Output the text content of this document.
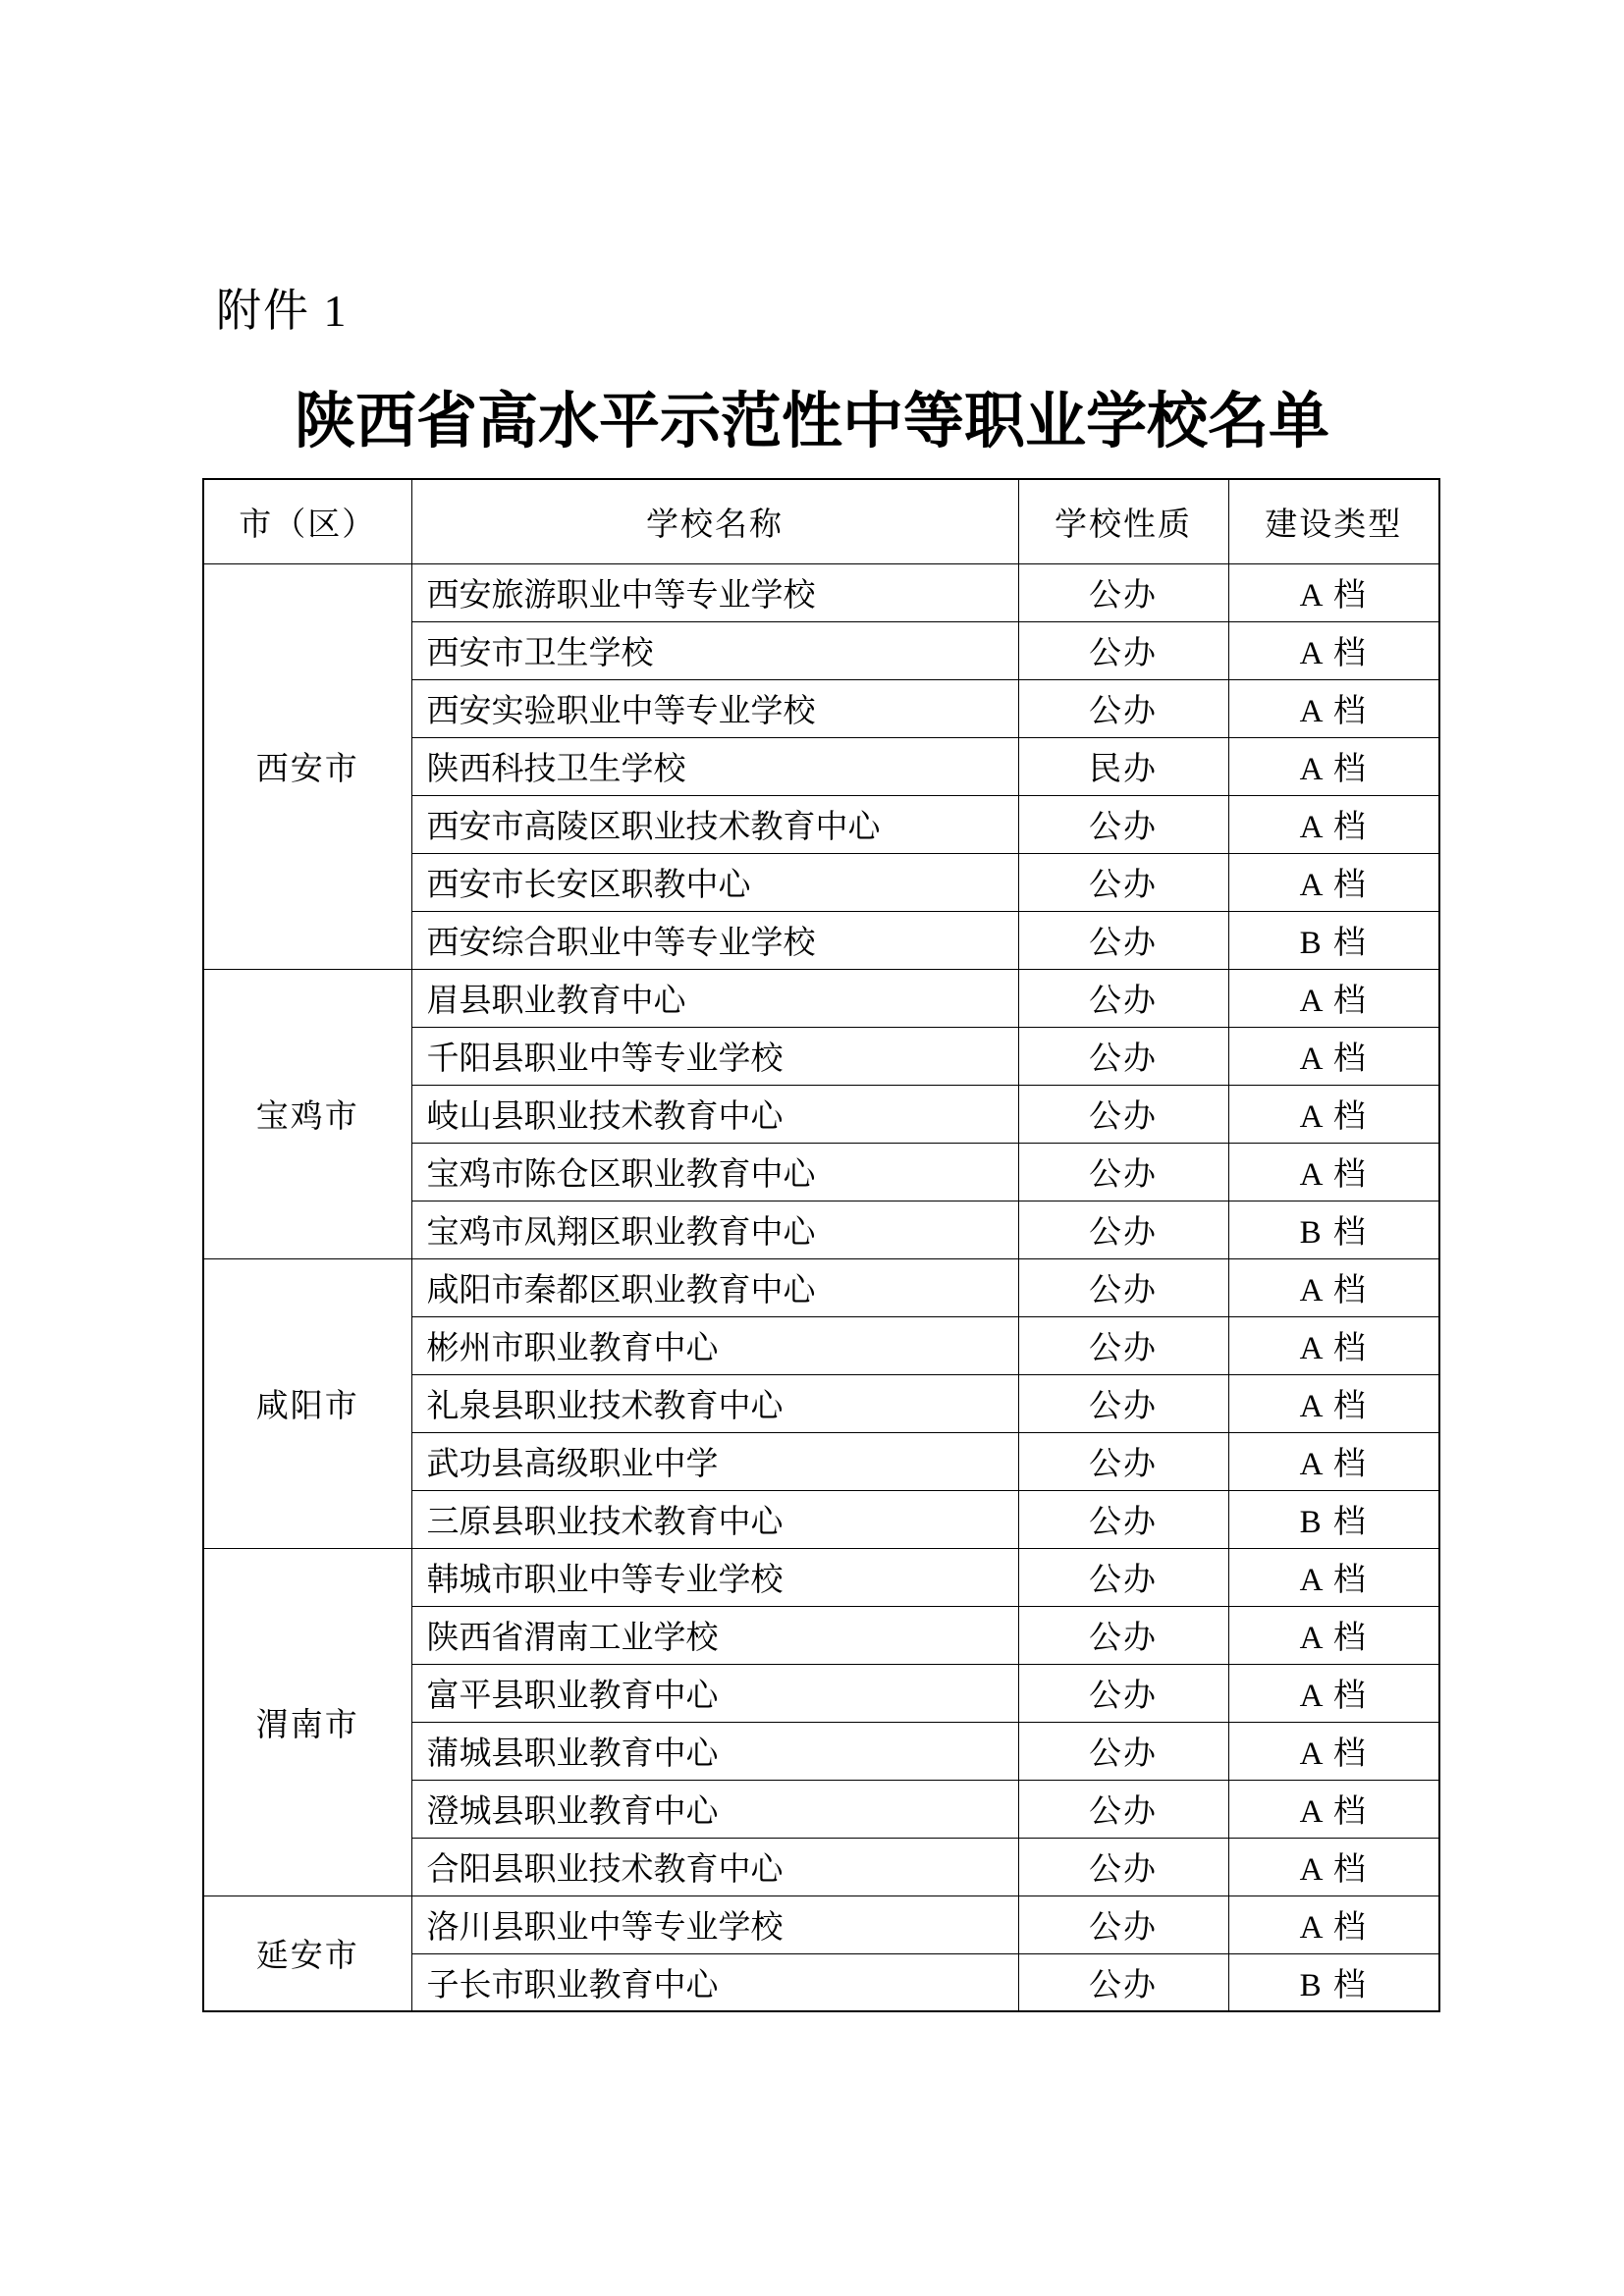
附件 1
陕西省高水平示范性中等职业学校名单
市（区）	学校名称	学校性质	建设类型
西安市	西安旅游职业中等专业学校	公办	A 档
	西安市卫生学校	公办	A 档
	西安实验职业中等专业学校	公办	A 档
	陕西科技卫生学校	民办	A 档
	西安市高陵区职业技术教育中心	公办	A 档
	西安市长安区职教中心	公办	A 档
	西安综合职业中等专业学校	公办	B 档
宝鸡市	眉县职业教育中心	公办	A 档
	千阳县职业中等专业学校	公办	A 档
	岐山县职业技术教育中心	公办	A 档
	宝鸡市陈仓区职业教育中心	公办	A 档
	宝鸡市凤翔区职业教育中心	公办	B 档
咸阳市	咸阳市秦都区职业教育中心	公办	A 档
	彬州市职业教育中心	公办	A 档
	礼泉县职业技术教育中心	公办	A 档
	武功县高级职业中学	公办	A 档
	三原县职业技术教育中心	公办	B 档
渭南市	韩城市职业中等专业学校	公办	A 档
	陕西省渭南工业学校	公办	A 档
	富平县职业教育中心	公办	A 档
	蒲城县职业教育中心	公办	A 档
	澄城县职业教育中心	公办	A 档
	合阳县职业技术教育中心	公办	A 档
延安市	洛川县职业中等专业学校	公办	A 档
	子长市职业教育中心	公办	B 档
